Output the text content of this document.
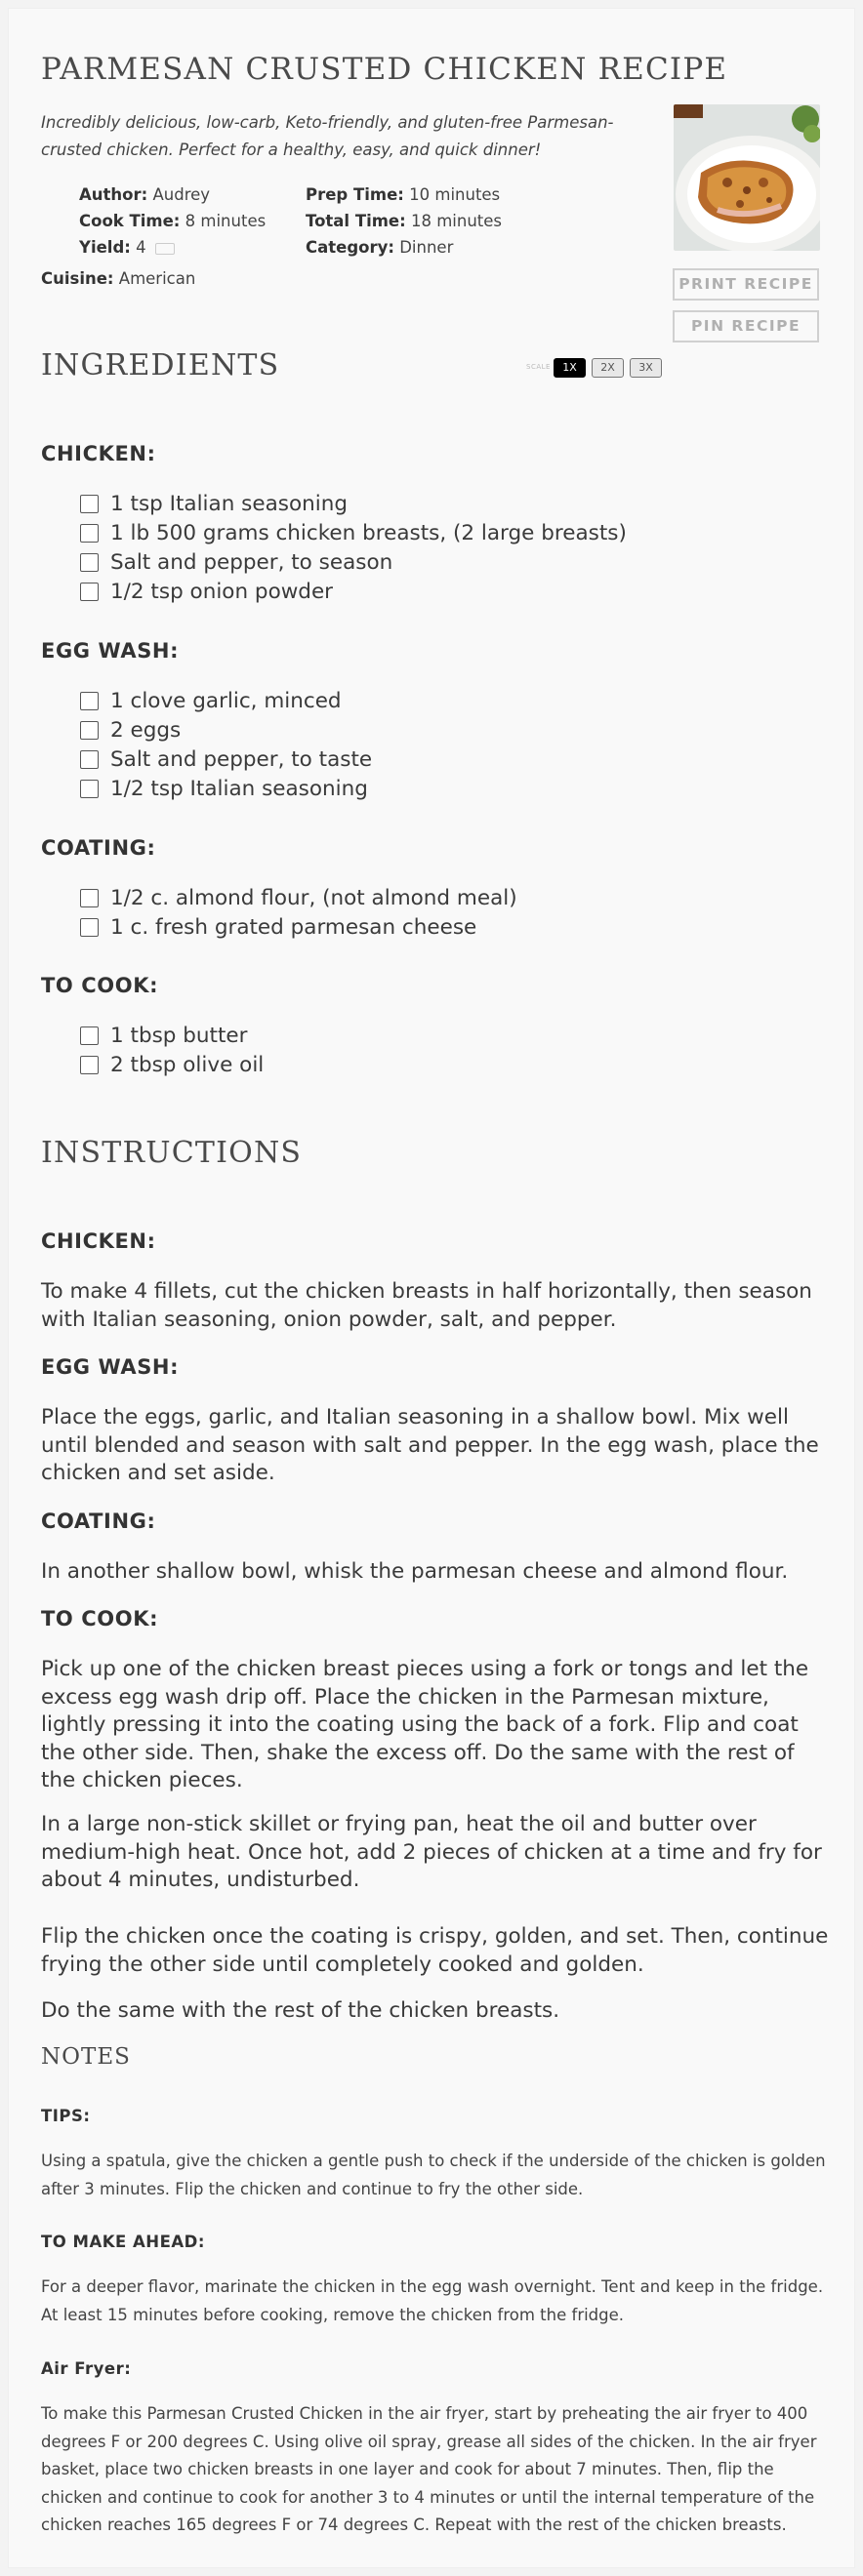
PARMESAN CRUSTED CHICKEN RECIPE
Incredibly delicious, low-carb, Keto-friendly, and gluten-free Parmesan-crusted chicken. Perfect for a healthy, easy, and quick dinner!
Author: Audrey	Prep Time: 10 minutes
Cook Time: 8 minutes Total Time: 18 minutes
Yield: 4	Category: Dinner
Cuisine: American	PRINT RECIPE
PIN RECIPE
INGREDIENTS	SCALE	1X	2X	3X
CHICKEN:
1 tsp Italian seasoning
1 lb 500 grams chicken breasts, (2 large breasts)
Salt and pepper, to season
1/2 tsp onion powder
EGG WASH:
1 clove garlic, minced
2 eggs
Salt and pepper, to taste
1/2 tsp Italian seasoning
COATING:
1/2 c. almond flour, (not almond meal)
1 c. fresh grated parmesan cheese
TO COOK:
1 tbsp butter
2 tbsp olive oil
INSTRUCTIONS
CHICKEN:
To make 4 fillets, cut the chicken breasts in half horizontally, then season with Italian seasoning, onion powder, salt, and pepper.
EGG WASH:
Place the eggs, garlic, and Italian seasoning in a shallow bowl. Mix well until blended and season with salt and pepper. In the egg wash, place the chicken and set aside.
COATING:
In another shallow bowl, whisk the parmesan cheese and almond flour.
TO COOK:
Pick up one of the chicken breast pieces using a fork or tongs and let the excess egg wash drip off. Place the chicken in the Parmesan mixture, lightly pressing it into the coating using the back of a fork. Flip and coat the other side. Then, shake the excess off. Do the same with the rest of the chicken pieces.
In a large non-stick skillet or frying pan, heat the oil and butter over medium-high heat. Once hot, add 2 pieces of chicken at a time and fry for about 4 minutes, undisturbed.
Flip the chicken once the coating is crispy, golden, and set. Then, continue frying the other side until completely cooked and golden.
Do the same with the rest of the chicken breasts.
NOTES
TIPS:
Using a spatula, give the chicken a gentle push to check if the underside of the chicken is golden after 3 minutes. Flip the chicken and continue to fry the other side.
TO MAKE AHEAD:
For a deeper flavor, marinate the chicken in the egg wash overnight. Tent and keep in the fridge. At least 15 minutes before cooking, remove the chicken from the fridge.
Air Fryer:
To make this Parmesan Crusted Chicken in the air fryer, start by preheating the air fryer to 400 degrees F or 200 degrees C. Using olive oil spray, grease all sides of the chicken. In the air fryer basket, place two chicken breasts in one layer and cook for about 7 minutes. Then, flip the chicken and continue to cook for another 3 to 4 minutes or until the internal temperature of the chicken reaches 165 degrees F or 74 degrees C. Repeat with the rest of the chicken breasts.
